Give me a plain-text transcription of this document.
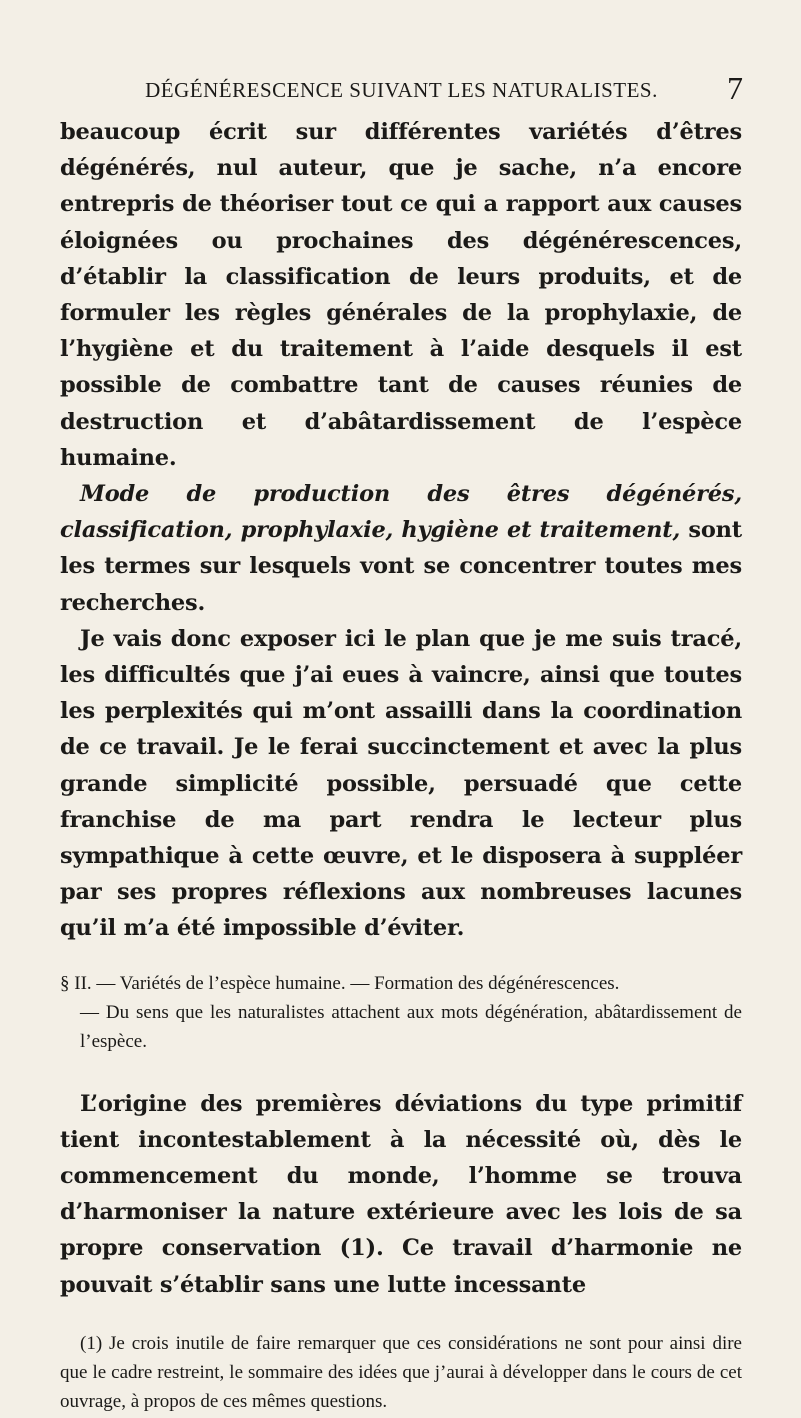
DÉGÉNÉRESCENCE SUIVANT LES NATURALISTES.	7

beaucoup écrit sur différentes variétés d’êtres dégénérés, nul auteur, que je sache, n’a encore entrepris de théoriser tout ce qui a rapport aux causes éloignées ou prochaines des dégénérescences, d’établir la classification de leurs produits, et de formuler les règles générales de la prophylaxie, de l’hygiène et du traitement à l’aide desquels il est possible de combattre tant de causes réunies de destruction et d’abâtardissement de l’espèce humaine.

Mode de production des êtres dégénérés, classification, prophylaxie, hygiène et traitement, sont les termes sur lesquels vont se concentrer toutes mes recherches.

Je vais donc exposer ici le plan que je me suis tracé, les difficultés que j’ai eues à vaincre, ainsi que toutes les perplexités qui m’ont assailli dans la coordination de ce travail. Je le ferai succinctement et avec la plus grande simplicité possible, persuadé que cette franchise de ma part rendra le lecteur plus sympathique à cette œuvre, et le disposera à suppléer par ses propres réflexions aux nombreuses lacunes qu’il m’a été impossible d’éviter.

§ II. — Variétés de l’espèce humaine. — Formation des dégénérescences.
— Du sens que les naturalistes attachent aux mots dégénération, abâtardissement de l’espèce.

L’origine des premières déviations du type primitif tient incontestablement à la nécessité où, dès le commencement du monde, l’homme se trouva d’harmoniser la nature extérieure avec les lois de sa propre conservation (1). Ce travail d’harmonie ne pouvait s’établir sans une lutte incessante

(1) Je crois inutile de faire remarquer que ces considérations ne sont pour ainsi dire que le cadre restreint, le sommaire des idées que j’aurai à développer dans le cours de cet ouvrage, à propos de ces mêmes questions.
